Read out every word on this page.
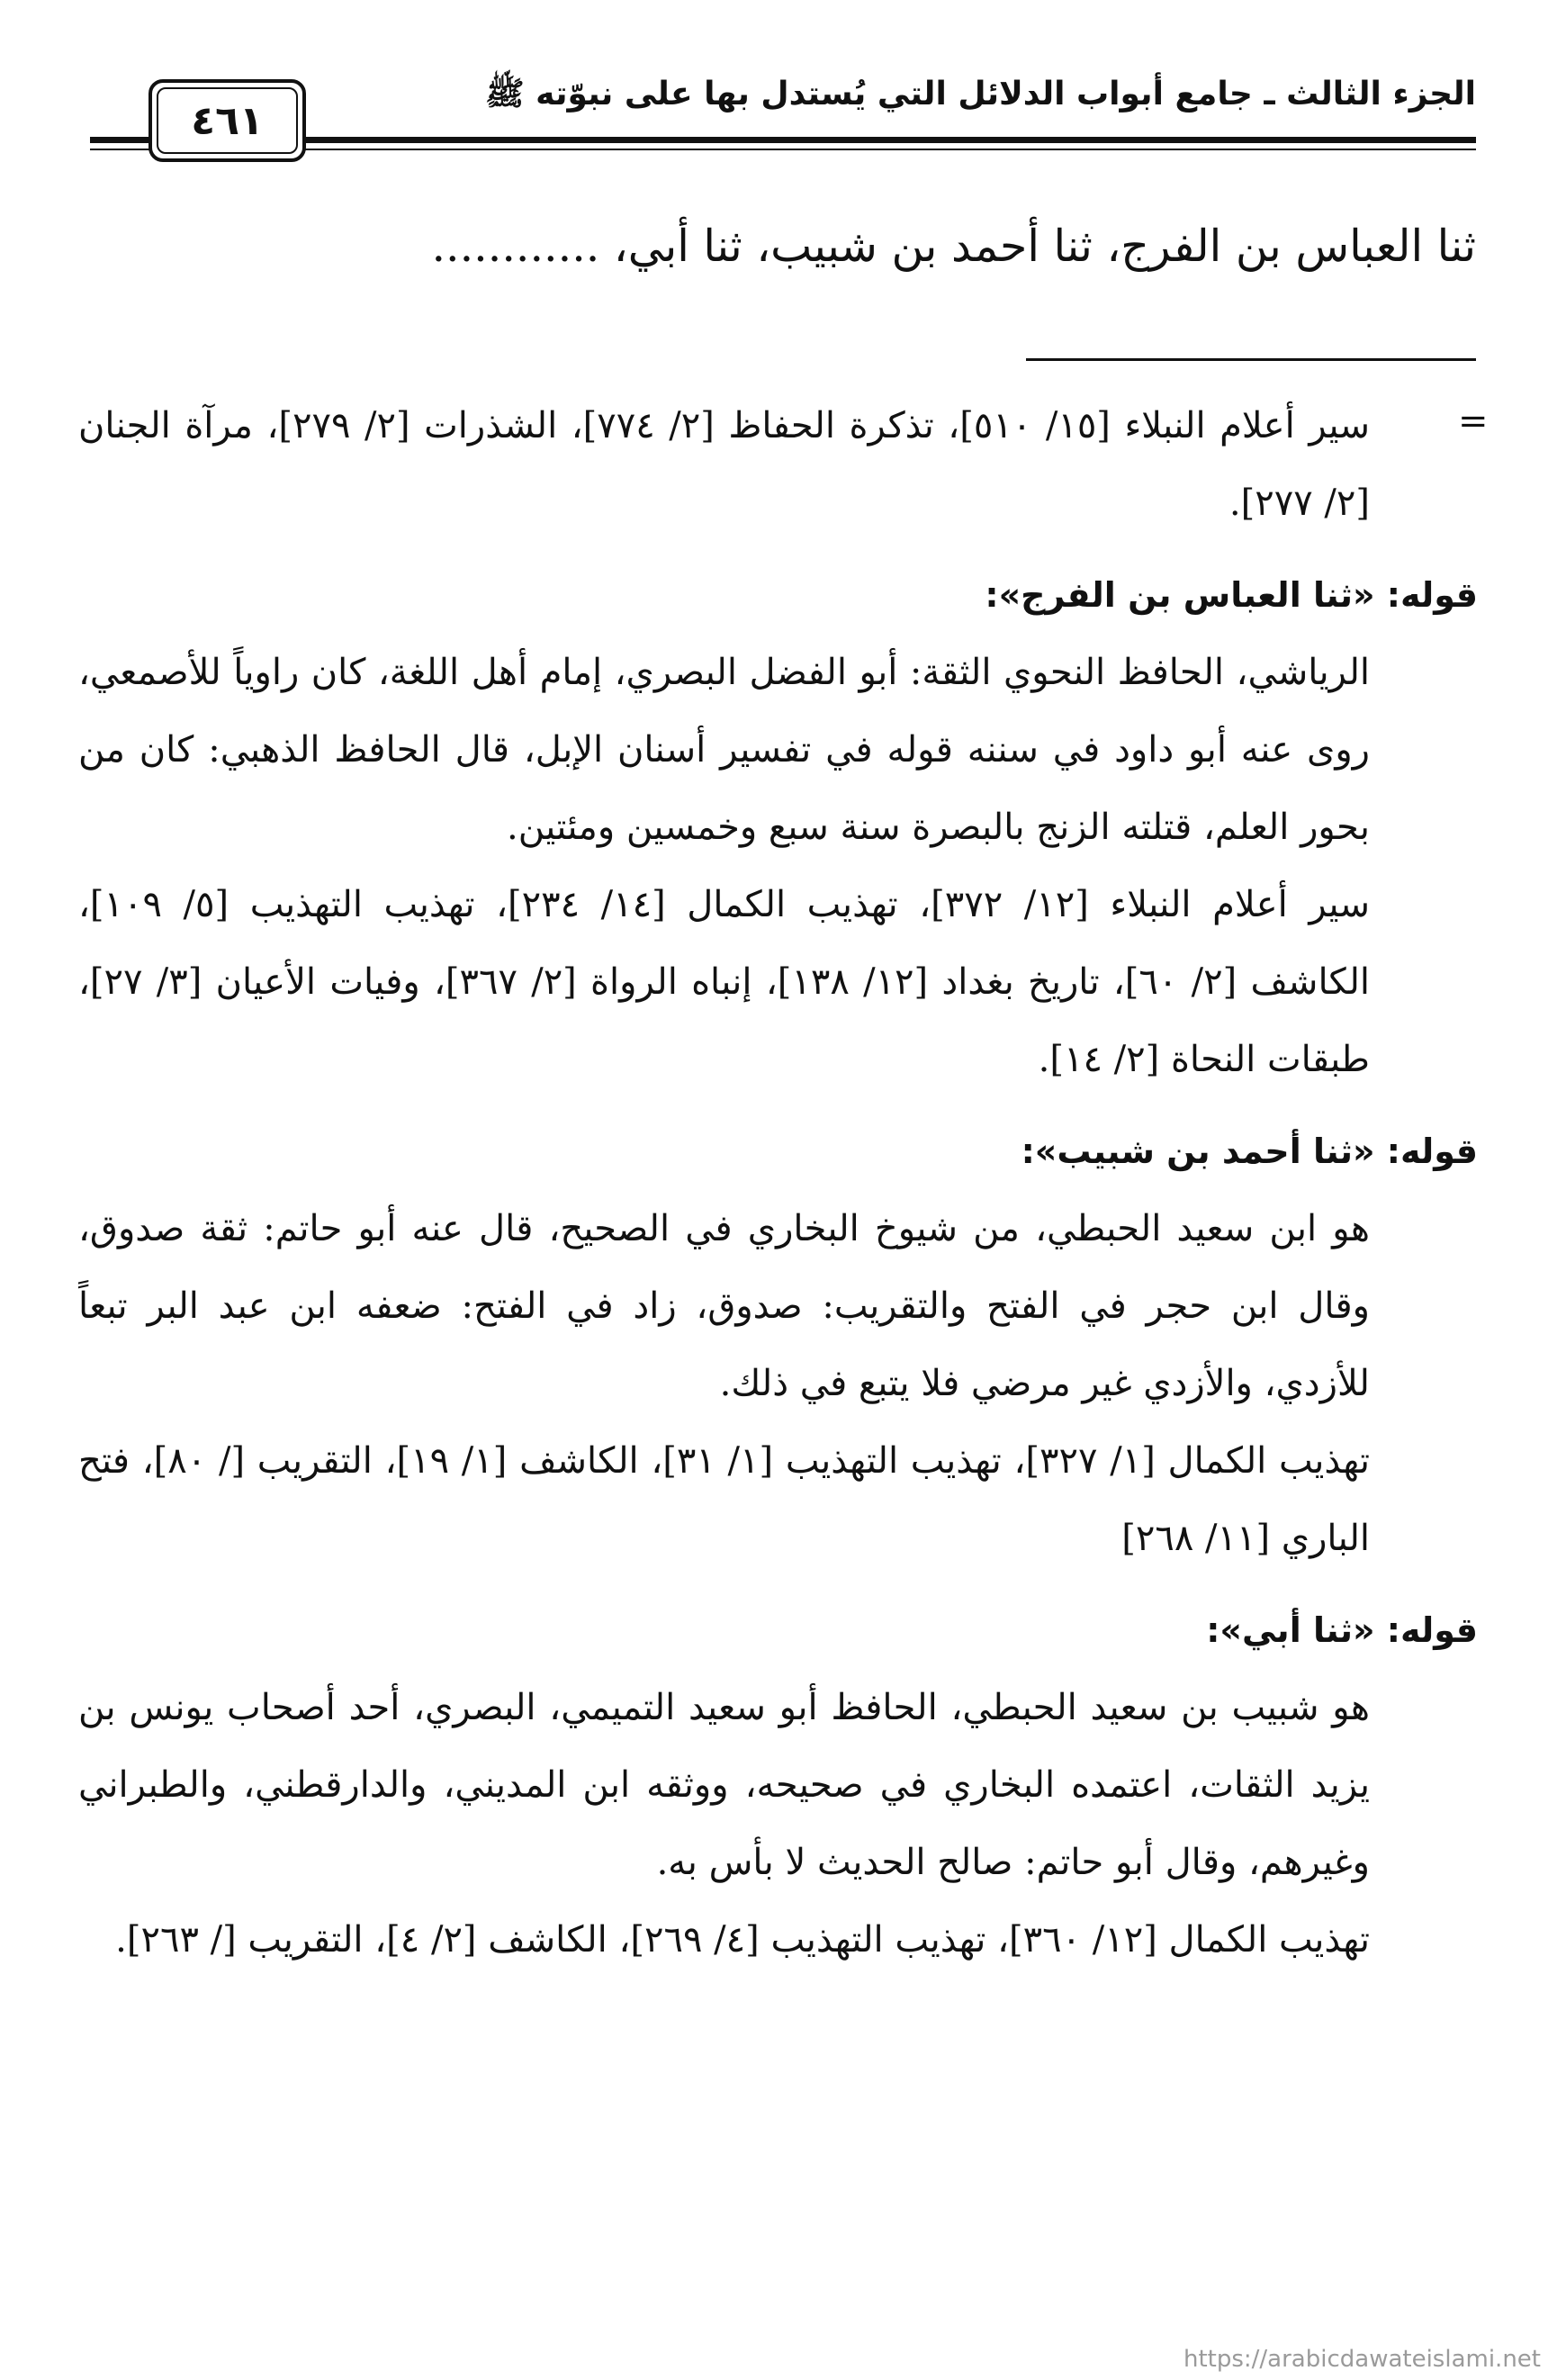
الجزء الثالث ـ جامع أبواب الدلائل التي يُستدل بها على نبوّته ﷺ
٤٦١
ثنا العباس بن الفرج، ثنا أحمد بن شبيب، ثنا أبي، ............
=

سير أعلام النبلاء [١٥/ ٥١٠]، تذكرة الحفاظ [٢/ ٧٧٤]، الشذرات [٢/ ٢٧٩]، مرآة الجنان [٢/ ٢٧٧].

قوله: «ثنا العباس بن الفرج»:

الرياشي، الحافظ النحوي الثقة: أبو الفضل البصري، إمام أهل اللغة، كان راوياً للأصمعي، روى عنه أبو داود في سننه قوله في تفسير أسنان الإبل، قال الحافظ الذهبي: كان من بحور العلم، قتلته الزنج بالبصرة سنة سبع وخمسين ومئتين.

سير أعلام النبلاء [١٢/ ٣٧٢]، تهذيب الكمال [١٤/ ٢٣٤]، تهذيب التهذيب [٥/ ١٠٩]، الكاشف [٢/ ٦٠]، تاريخ بغداد [١٢/ ١٣٨]، إنباه الرواة [٢/ ٣٦٧]، وفيات الأعيان [٣/ ٢٧]، طبقات النحاة [٢/ ١٤].

قوله: «ثنا أحمد بن شبيب»:

هو ابن سعيد الحبطي، من شيوخ البخاري في الصحيح، قال عنه أبو حاتم: ثقة صدوق، وقال ابن حجر في الفتح والتقريب: صدوق، زاد في الفتح: ضعفه ابن عبد البر تبعاً للأزدي، والأزدي غير مرضي فلا يتبع في ذلك.

تهذيب الكمال [١/ ٣٢٧]، تهذيب التهذيب [١/ ٣١]، الكاشف [١/ ١٩]، التقريب [/ ٨٠]، فتح الباري [١١/ ٢٦٨]

قوله: «ثنا أبي»:

هو شبيب بن سعيد الحبطي، الحافظ أبو سعيد التميمي، البصري، أحد أصحاب يونس بن يزيد الثقات، اعتمده البخاري في صحيحه، ووثقه ابن المديني، والدارقطني، والطبراني وغيرهم، وقال أبو حاتم: صالح الحديث لا بأس به.

تهذيب الكمال [١٢/ ٣٦٠]، تهذيب التهذيب [٤/ ٢٦٩]، الكاشف [٢/ ٤]، التقريب [/ ٢٦٣].

https://arabicdawateislami.net
